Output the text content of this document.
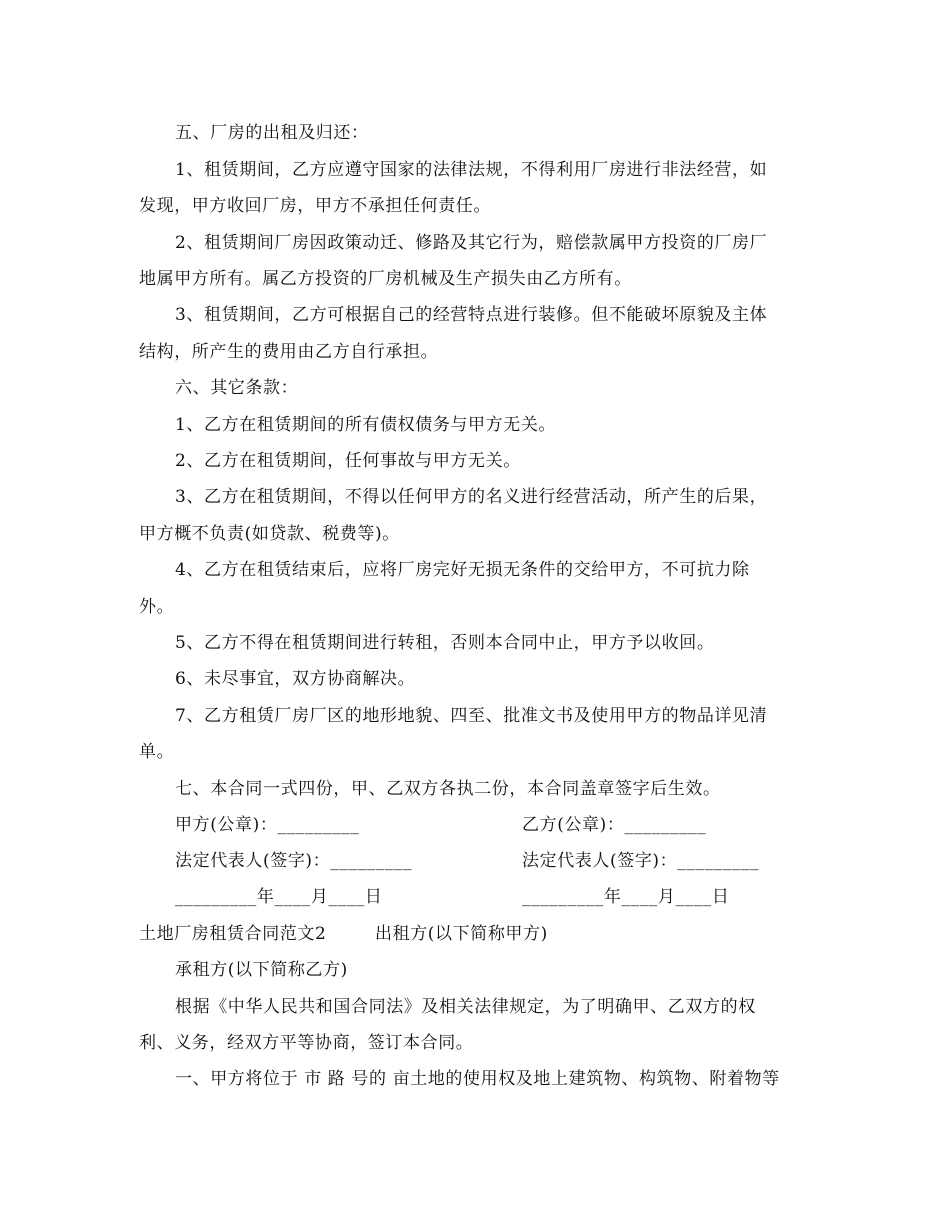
五、厂房的出租及归还：
1、租赁期间，乙方应遵守国家的法律法规，不得利用厂房进行非法经营，如
发现，甲方收回厂房，甲方不承担任何责任。
2、租赁期间厂房因政策动迁、修路及其它行为，赔偿款属甲方投资的厂房厂
地属甲方所有。属乙方投资的厂房机械及生产损失由乙方所有。
3、租赁期间，乙方可根据自己的经营特点进行装修。但不能破坏原貌及主体
结构，所产生的费用由乙方自行承担。
六、其它条款：
1、乙方在租赁期间的所有债权债务与甲方无关。
2、乙方在租赁期间，任何事故与甲方无关。
3、乙方在租赁期间，不得以任何甲方的名义进行经营活动，所产生的后果，
甲方概不负责(如贷款、税费等)。
4、乙方在租赁结束后，应将厂房完好无损无条件的交给甲方，不可抗力除
外。
5、乙方不得在租赁期间进行转租，否则本合同中止，甲方予以收回。
6、未尽事宜，双方协商解决。
7、乙方租赁厂房厂区的地形地貌、四至、批准文书及使用甲方的物品详见清
单。
七、本合同一式四份，甲、乙双方各执二份，本合同盖章签字后生效。
甲方(公章)：_________	乙方(公章)：_________
法定代表人(签字)：_________	法定代表人(签字)：_________
_________年____月____日	_________年____月____日
土地厂房租赁合同范文2	出租方(以下简称甲方)
承租方(以下简称乙方)
根据《中华人民共和国合同法》及相关法律规定，为了明确甲、乙双方的权
利、义务，经双方平等协商，签订本合同。
一、甲方将位于 市 路 号的 亩土地的使用权及地上建筑物、构筑物、附着物等
